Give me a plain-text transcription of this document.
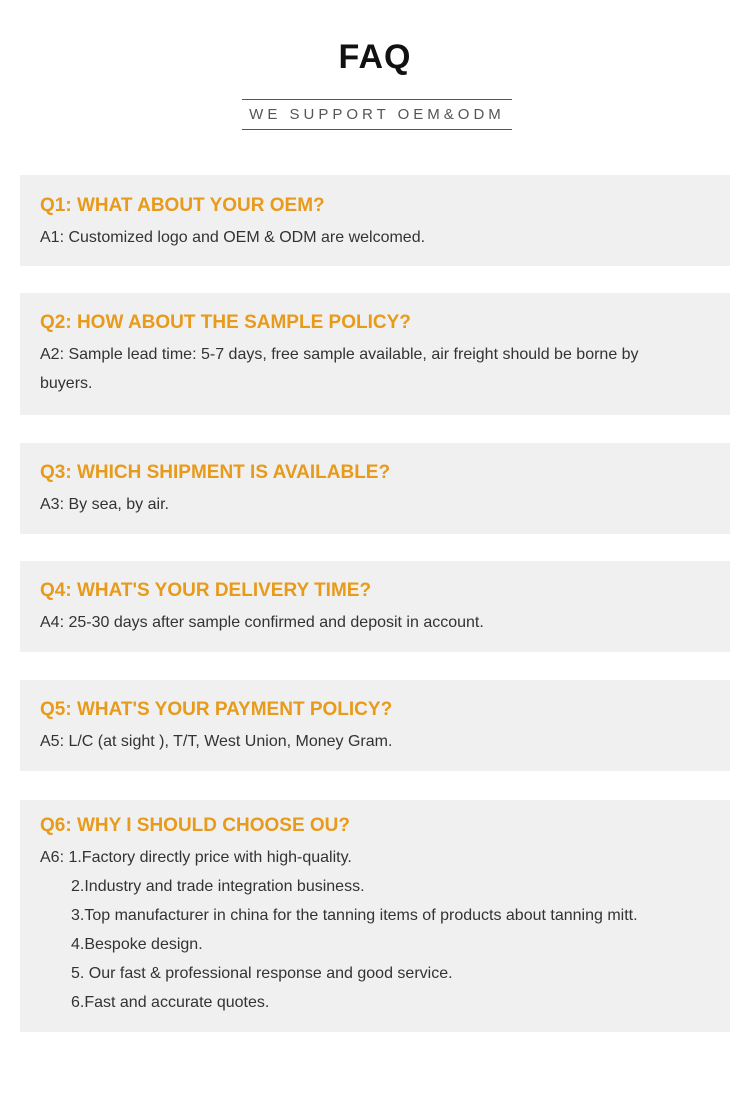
FAQ
WE SUPPORT OEM&ODM
Q1: WHAT ABOUT YOUR OEM?
A1: Customized logo and OEM & ODM are welcomed.
Q2: HOW ABOUT THE SAMPLE POLICY?
A2: Sample lead time: 5-7 days, free sample available, air freight should be borne by
buyers.
Q3: WHICH SHIPMENT IS AVAILABLE?
A3: By sea, by air.
Q4: WHAT'S YOUR DELIVERY TIME?
A4: 25-30 days after sample confirmed and deposit in account.
Q5: WHAT'S YOUR PAYMENT POLICY?
A5: L/C (at sight ), T/T, West Union, Money Gram.
Q6: WHY I SHOULD CHOOSE OU?
A6: 1.Factory directly price with high-quality.
2.Industry and trade integration business.
3.Top manufacturer in china for the tanning items of products about tanning mitt.
4.Bespoke design.
5. Our fast & professional response and good service.
6.Fast and accurate quotes.
